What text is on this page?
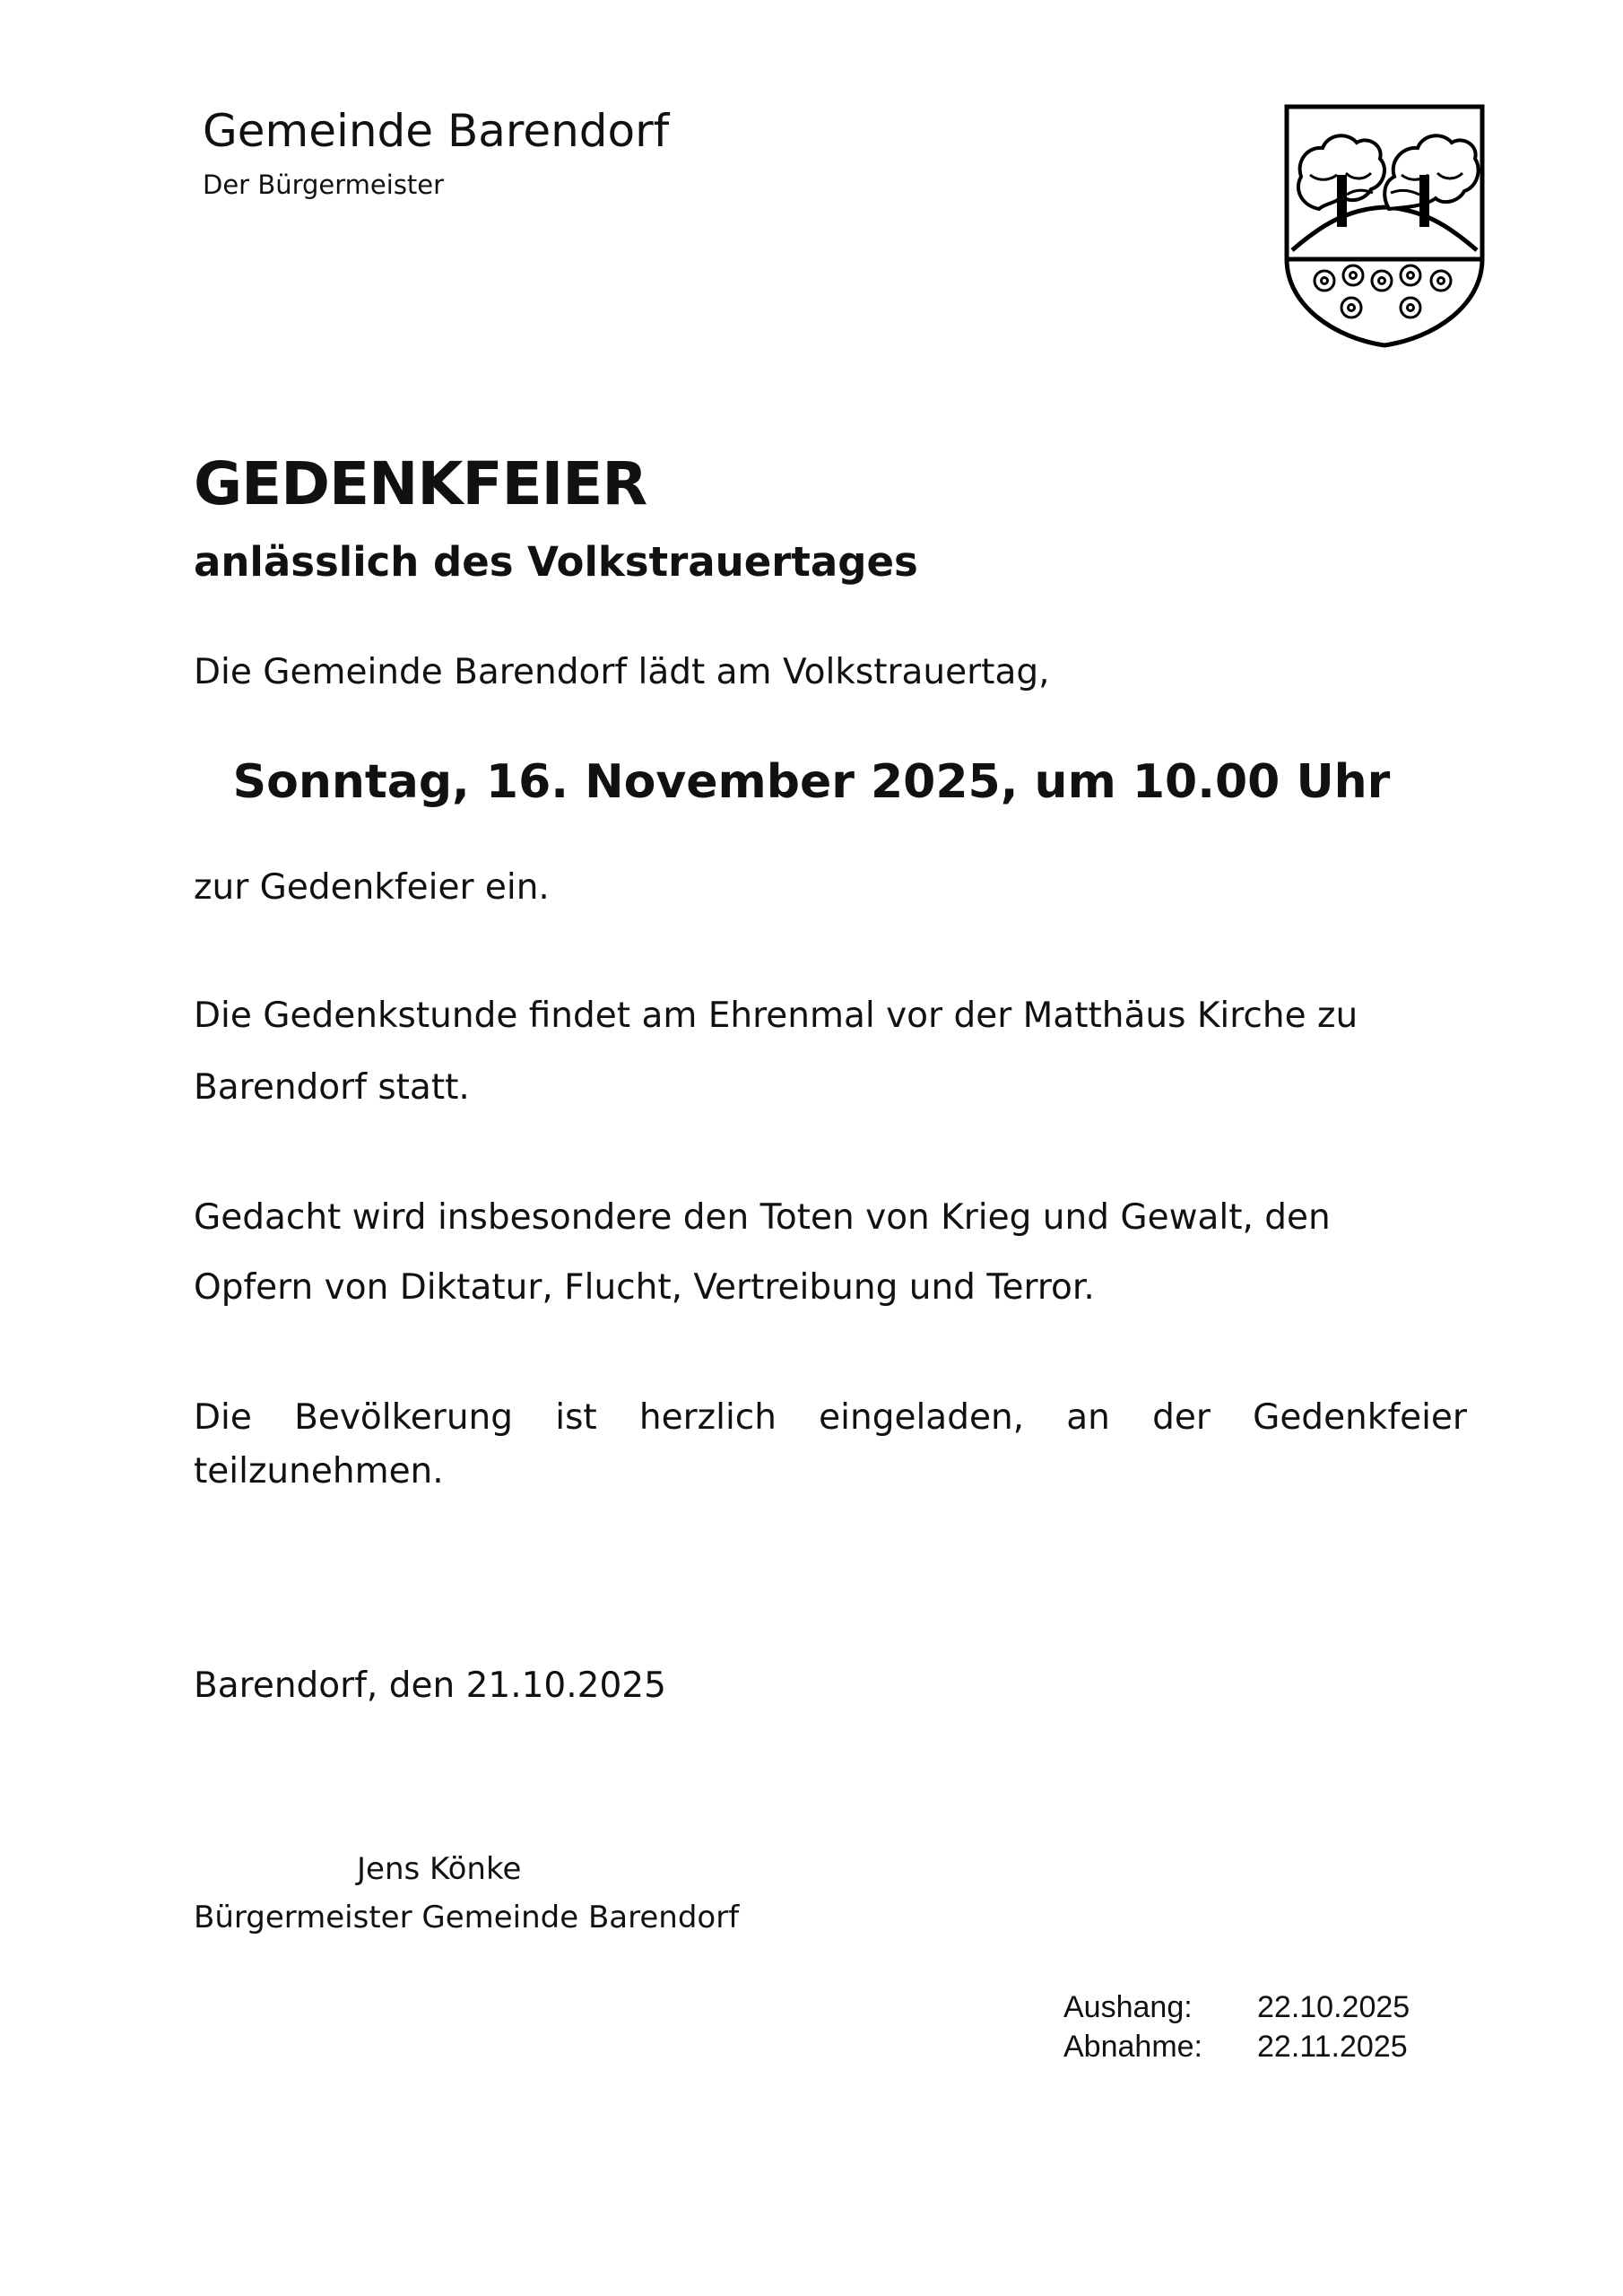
Gemeinde Barendorf
Der Bürgermeister
GEDENKFEIER
anlässlich des Volkstrauertages
Die Gemeinde Barendorf lädt am Volkstrauertag,
Sonntag, 16. November 2025, um 10.00 Uhr
zur Gedenkfeier ein.
Die Gedenkstunde findet am Ehrenmal vor der Matthäus Kirche zu
Barendorf statt.
Gedacht wird insbesondere den Toten von Krieg und Gewalt, den
Opfern von Diktatur, Flucht, Vertreibung und Terror.
Die Bevölkerung ist herzlich eingeladen, an der Gedenkfeier
teilzunehmen.
Barendorf, den 21.10.2025
Jens Könke
Bürgermeister Gemeinde Barendorf
Aushang: 22.10.2025
Abnahme: 22.11.2025
